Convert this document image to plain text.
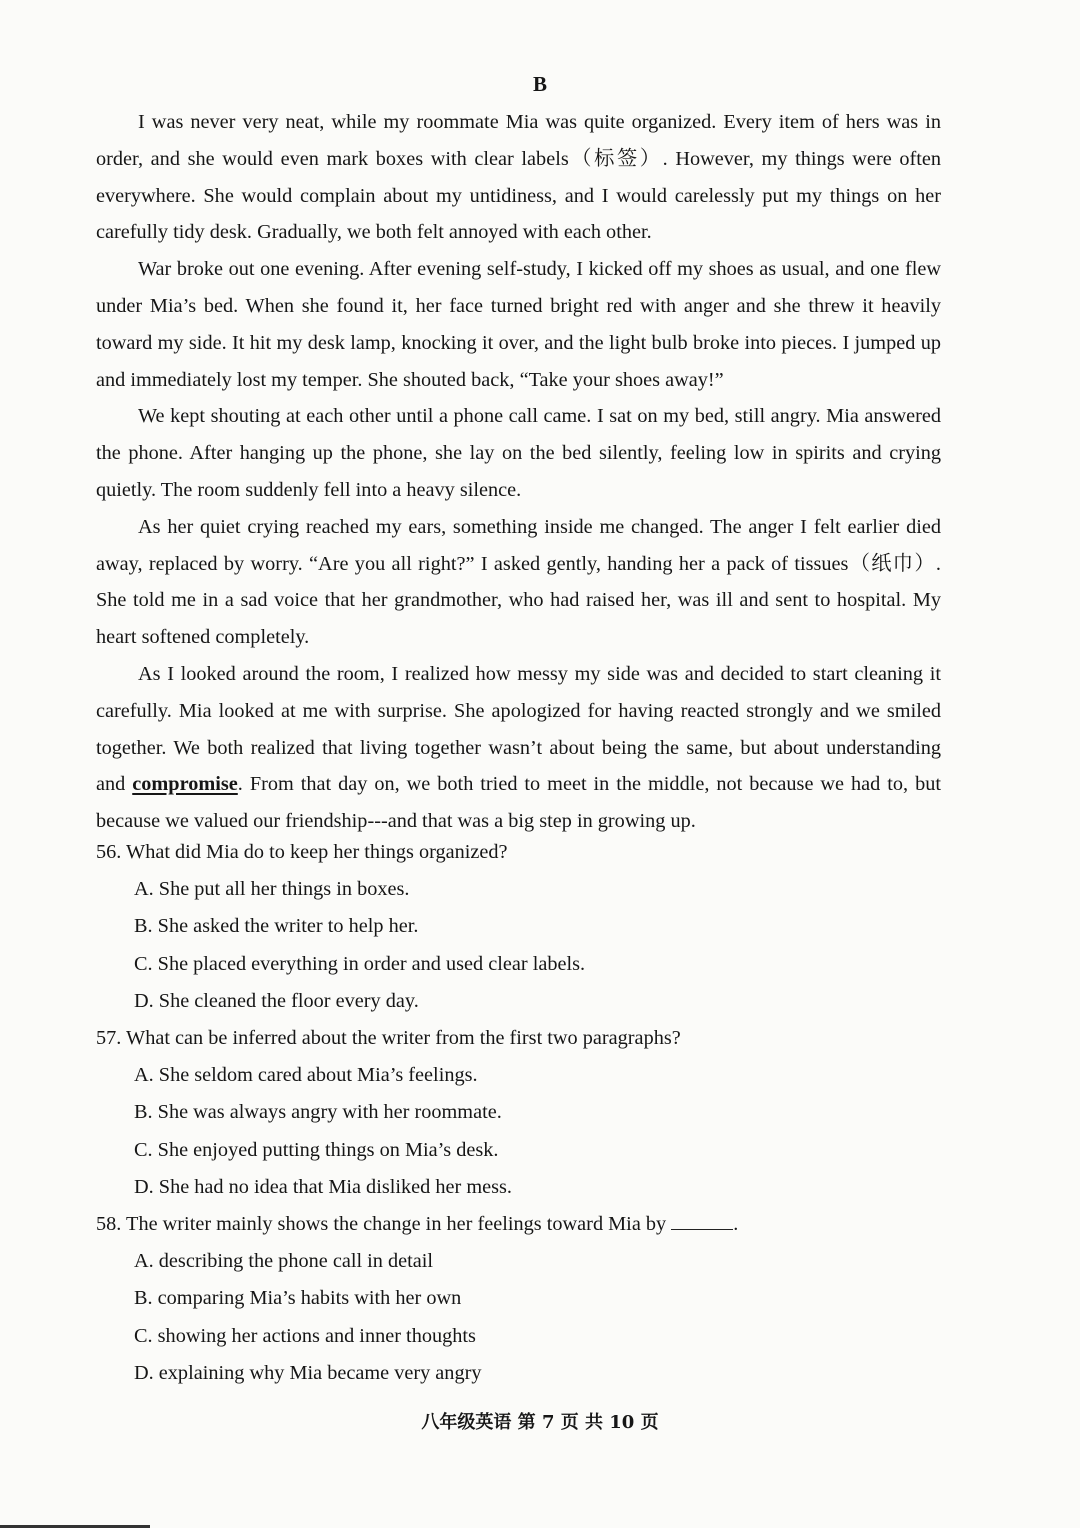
B

I was never very neat, while my roommate Mia was quite organized. Every item of hers was in order, and she would even mark boxes with clear labels（标签）. However, my things were often everywhere. She would complain about my untidiness, and I would carelessly put my things on her carefully tidy desk. Gradually, we both felt annoyed with each other.

War broke out one evening. After evening self-study, I kicked off my shoes as usual, and one flew under Mia’s bed. When she found it, her face turned bright red with anger and she threw it heavily toward my side. It hit my desk lamp, knocking it over, and the light bulb broke into pieces. I jumped up and immediately lost my temper. She shouted back, “Take your shoes away!”

We kept shouting at each other until a phone call came. I sat on my bed, still angry. Mia answered the phone. After hanging up the phone, she lay on the bed silently, feeling low in spirits and crying quietly. The room suddenly fell into a heavy silence.

As her quiet crying reached my ears, something inside me changed. The anger I felt earlier died away, replaced by worry. “Are you all right?” I asked gently, handing her a pack of tissues（纸巾）. She told me in a sad voice that her grandmother, who had raised her, was ill and sent to hospital. My heart softened completely.

As I looked around the room, I realized how messy my side was and decided to start cleaning it carefully. Mia looked at me with surprise. She apologized for having reacted strongly and we smiled together. We both realized that living together wasn’t about being the same, but about understanding and compromise. From that day on, we both tried to meet in the middle, not because we had to, but because we valued our friendship---and that was a big step in growing up.

56. What did Mia do to keep her things organized?

A. She put all her things in boxes.

B. She asked the writer to help her.

C. She placed everything in order and used clear labels.

D. She cleaned the floor every day.

57. What can be inferred about the writer from the first two paragraphs?

A. She seldom cared about Mia’s feelings.

B. She was always angry with her roommate.

C. She enjoyed putting things on Mia’s desk.

D. She had no idea that Mia disliked her mess.

58. The writer mainly shows the change in her feelings toward Mia by	.

A. describing the phone call in detail

B. comparing Mia’s habits with her own

C. showing her actions and inner thoughts

D. explaining why Mia became very angry

八年级英语 第 7 页 共 10 页
